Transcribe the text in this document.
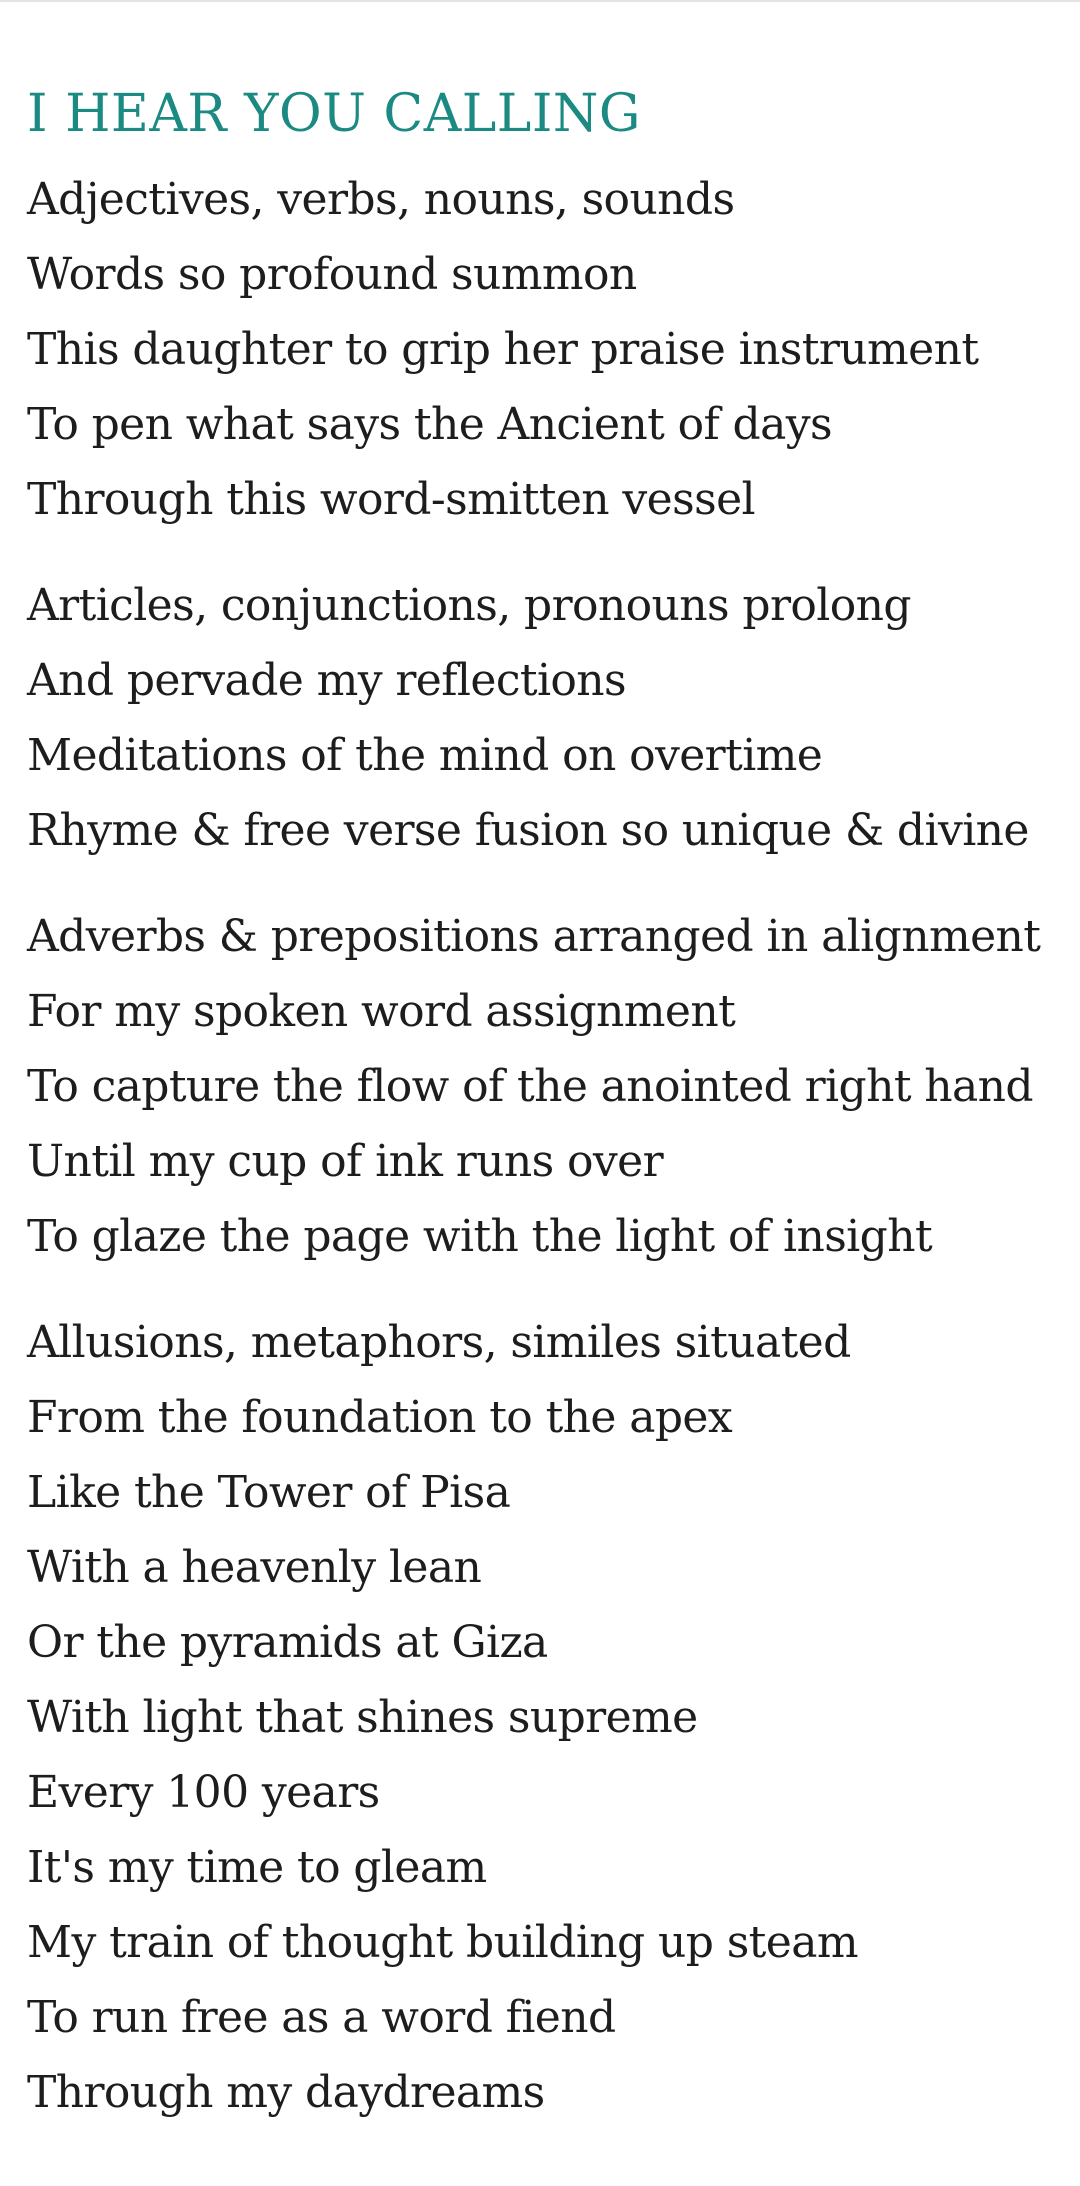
I HEAR YOU CALLING
Adjectives, verbs, nouns, sounds
Words so profound summon
This daughter to grip her praise instrument
To pen what says the Ancient of days
Through this word-smitten vessel
Articles, conjunctions, pronouns prolong
And pervade my reflections
Meditations of the mind on overtime
Rhyme & free verse fusion so unique & divine
Adverbs & prepositions arranged in alignment
For my spoken word assignment
To capture the flow of the anointed right hand
Until my cup of ink runs over
To glaze the page with the light of insight
Allusions, metaphors, similes situated
From the foundation to the apex
Like the Tower of Pisa
With a heavenly lean
Or the pyramids at Giza
With light that shines supreme
Every 100 years
It's my time to gleam
My train of thought building up steam
To run free as a word fiend
Through my daydreams
